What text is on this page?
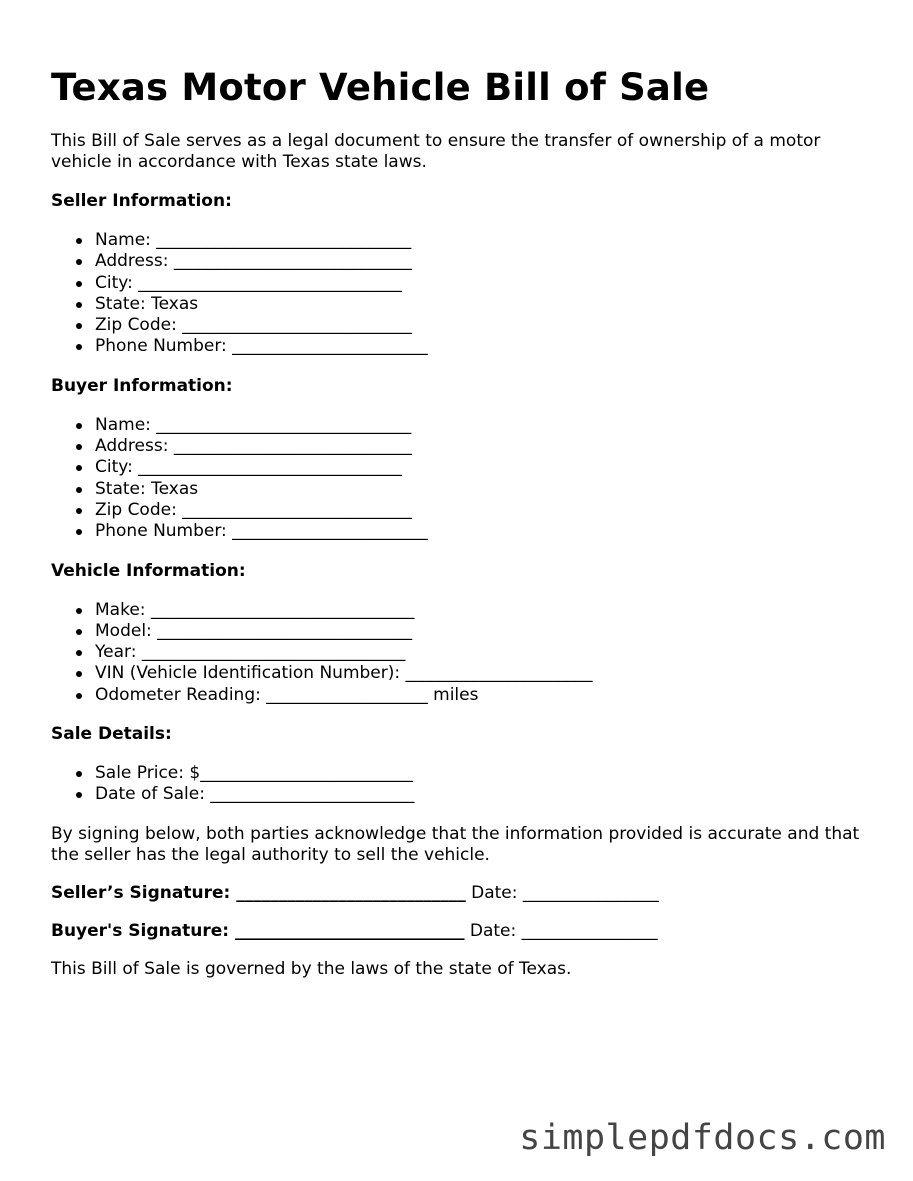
Texas Motor Vehicle Bill of Sale

This Bill of Sale serves as a legal document to ensure the transfer of ownership of a motor vehicle in accordance with Texas state laws.

Seller Information:
Name: ______________________________
Address: ____________________________
City: _______________________________
State: Texas
Zip Code: ___________________________
Phone Number: _______________________
Buyer Information:
Name: ______________________________
Address: ____________________________
City: _______________________________
State: Texas
Zip Code: ___________________________
Phone Number: _______________________
Vehicle Information:
Make: _______________________________
Model: ______________________________
Year: _______________________________
VIN (Vehicle Identification Number): ______________________
Odometer Reading: ___________________ miles
Sale Details:
Sale Price: $_________________________
Date of Sale: ________________________

By signing below, both parties acknowledge that the information provided is accurate and that the seller has the legal authority to sell the vehicle.

Seller’s Signature: ___________________________ Date: ________________

Buyer's Signature: ___________________________ Date: ________________

This Bill of Sale is governed by the laws of the state of Texas.

simplepdfdocs.com
